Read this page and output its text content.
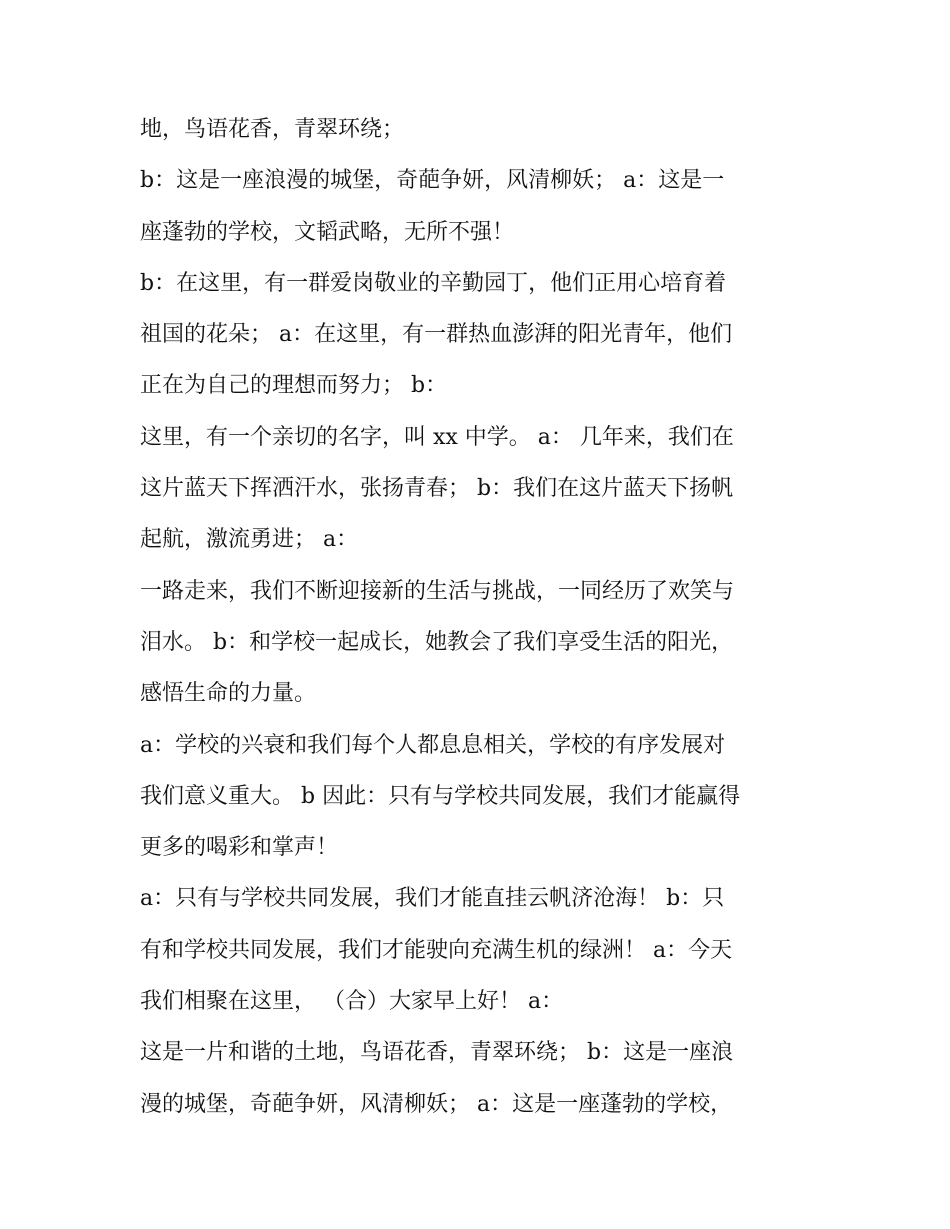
地，鸟语花香，青翠环绕；
b：这是一座浪漫的城堡，奇葩争妍，风清柳妖； a：这是一
座蓬勃的学校，文韬武略，无所不强！
b：在这里，有一群爱岗敬业的辛勤园丁，他们正用心培育着
祖国的花朵； a：在这里，有一群热血澎湃的阳光青年，他们
正在为自己的理想而努力； b：
这里，有一个亲切的名字，叫 xx 中学。 a： 几年来，我们在
这片蓝天下挥洒汗水，张扬青春； b：我们在这片蓝天下扬帆
起航，激流勇进； a：
一路走来，我们不断迎接新的生活与挑战，一同经历了欢笑与
泪水。 b：和学校一起成长，她教会了我们享受生活的阳光，
感悟生命的力量。
a：学校的兴衰和我们每个人都息息相关，学校的有序发展对
我们意义重大。 b 因此：只有与学校共同发展，我们才能赢得
更多的喝彩和掌声！
a：只有与学校共同发展，我们才能直挂云帆济沧海！ b：只
有和学校共同发展，我们才能驶向充满生机的绿洲！ a：今天
我们相聚在这里， （合）大家早上好！ a：
这是一片和谐的土地，鸟语花香，青翠环绕； b：这是一座浪
漫的城堡，奇葩争妍，风清柳妖； a：这是一座蓬勃的学校，
